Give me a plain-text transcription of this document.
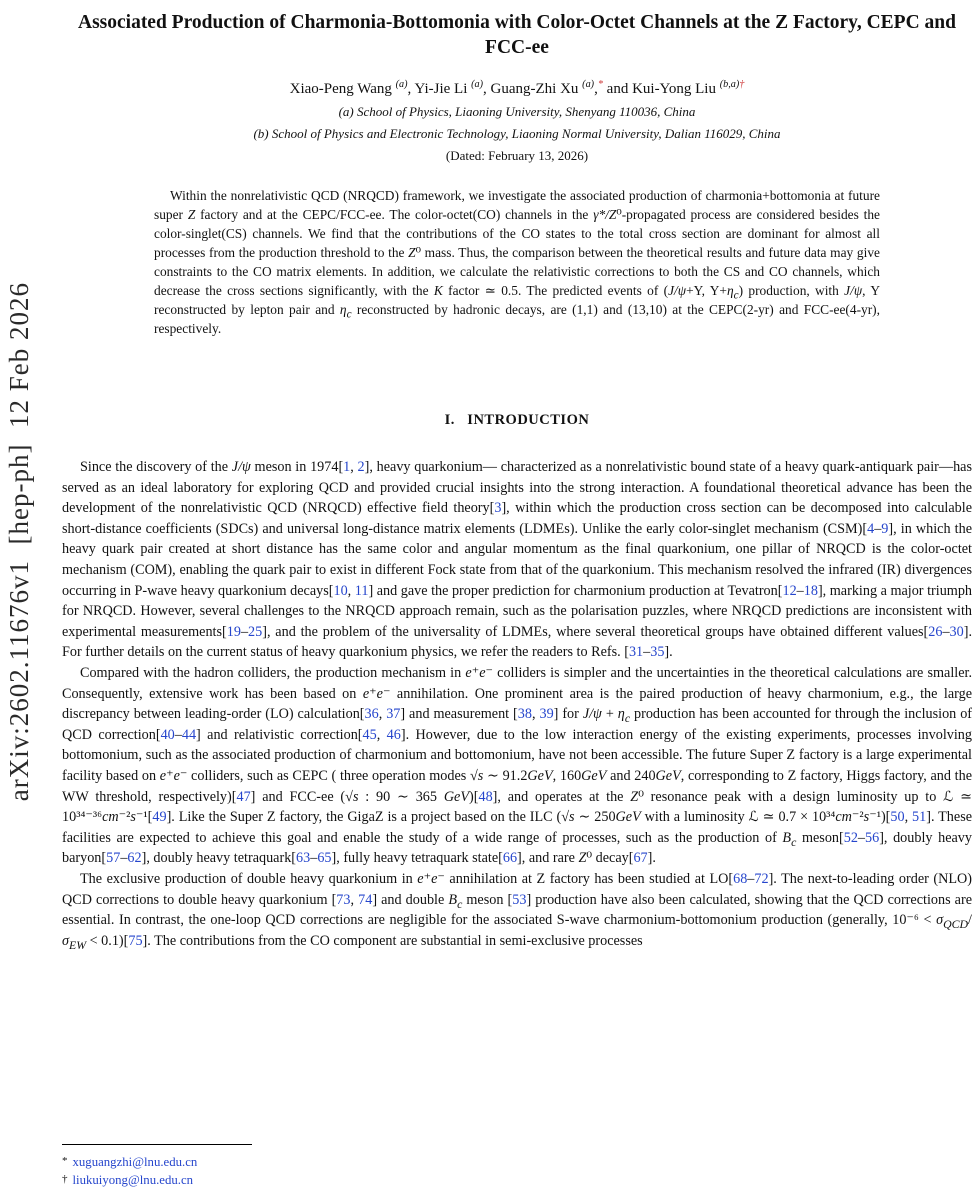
arXiv:2602.11676v1  [hep-ph]  12 Feb 2026
Associated Production of Charmonia-Bottomonia with Color-Octet Channels at the Z Factory, CEPC and FCC-ee
Xiao-Peng Wang $^{(a)}$, Yi-Jie Li $^{(a)}$, Guang-Zhi Xu $^{(a)}$,* and Kui-Yong Liu $^{(b,a)\dagger}$
(a) School of Physics, Liaoning University, Shenyang 110036, China
(b) School of Physics and Electronic Technology, Liaoning Normal University, Dalian 116029, China
(Dated: February 13, 2026)
Within the nonrelativistic QCD (NRQCD) framework, we investigate the associated production of charmonia+bottomonia at future super Z factory and at the CEPC/FCC-ee. The color-octet(CO) channels in the γ*/Z⁰-propagated process are considered besides the color-singlet(CS) channels. We find that the contributions of the CO states to the total cross section are dominant for almost all processes from the production threshold to the Z⁰ mass. Thus, the comparison between the theoretical results and future data may give constraints to the CO matrix elements. In addition, we calculate the relativistic corrections to both the CS and CO channels, which decrease the cross sections significantly, with the K factor ≃ 0.5. The predicted events of (J/ψ+Υ, $\Upsilon+\eta_c$) production, with J/ψ, Υ reconstructed by lepton pair and $\eta_c$ reconstructed by hadronic decays, are (1,1) and (13,10) at the CEPC(2-yr) and FCC-ee(4-yr), respectively.
I.   INTRODUCTION

Since the discovery of the J/ψ meson in 1974[1, 2], heavy quarkonium— characterized as a nonrelativistic bound state of a heavy quark-antiquark pair—has served as an ideal laboratory for exploring QCD and provided crucial insights into the strong interaction. A foundational theoretical advance has been the development of the nonrelativistic QCD (NRQCD) effective field theory[3], within which the production cross section can be decomposed into calculable short-distance coefficients (SDCs) and universal long-distance matrix elements (LDMEs). Unlike the early color-singlet mechanism (CSM)[4–9], in which the heavy quark pair created at short distance has the same color and angular momentum as the final quarkonium, one pillar of NRQCD is the color-octet mechanism (COM), enabling the quark pair to exist in different Fock state from that of the quarkonium. This mechanism resolved the infrared (IR) divergences occurring in P-wave heavy quarkonium decays[10, 11] and gave the proper prediction for charmonium production at Tevatron[12–18], marking a major triumph for NRQCD. However, several challenges to the NRQCD approach remain, such as the polarisation puzzles, where NRQCD predictions are inconsistent with experimental measurements[19–25], and the problem of the universality of LDMEs, where several theoretical groups have obtained different values[26–30]. For further details on the current status of heavy quarkonium physics, we refer the readers to Refs. [31–35].

Compared with the hadron colliders, the production mechanism in e⁺e⁻ colliders is simpler and the uncertainties in the theoretical calculations are smaller. Consequently, extensive work has been based on e⁺e⁻ annihilation. One prominent area is the paired production of heavy charmonium, e.g., the large discrepancy between leading-order (LO) calculation[36, 37] and measurement [38, 39] for $J/\psi + \eta_c$ production has been accounted for through the inclusion of QCD correction[40–44] and relativistic correction[45, 46]. However, due to the low interaction energy of the existing experiments, processes involving bottomonium, such as the associated production of charmonium and bottomonium, have not been accessible. The future Super Z factory is a large experimental facility based on e⁺e⁻ colliders, such as CEPC ( three operation modes √s ∼ 91.2GeV, 160GeV and 240GeV, corresponding to Z factory, Higgs factory, and the WW threshold, respectively)[47] and FCC-ee (√s : 90 ∼ 365 GeV)[48], and operates at the Z⁰ resonance peak with a design luminosity up to ℒ ≃ 10³⁴⁻³⁶cm⁻²s⁻¹[49]. Like the Super Z factory, the GigaZ is a project based on the ILC (√s ∼ 250GeV with a luminosity ℒ ≃ 0.7 × 10³⁴cm⁻²s⁻¹)[50, 51]. These facilities are expected to achieve this goal and enable the study of a wide range of processes, such as the production of $B_c$ meson[52–56], doubly heavy baryon[57–62], doubly heavy tetraquark[63–65], fully heavy tetraquark state[66], and rare Z⁰ decay[67].

The exclusive production of double heavy quarkonium in e⁺e⁻ annihilation at Z factory has been studied at LO[68–72]. The next-to-leading order (NLO) QCD corrections to double heavy quarkonium [73, 74] and double $B_c$ meson [53] production have also been calculated, showing that the QCD corrections are essential. In contrast, the one-loop QCD corrections are negligible for the associated S-wave charmonium-bottomonium production (generally, $10^{-6} < \sigma_{QCD}/\sigma_{EW} < 0.1)[75]$. The contributions from the CO component are substantial in semi-exclusive processes

* xuguangzhi@lnu.edu.cn
† liukuiyong@lnu.edu.cn
